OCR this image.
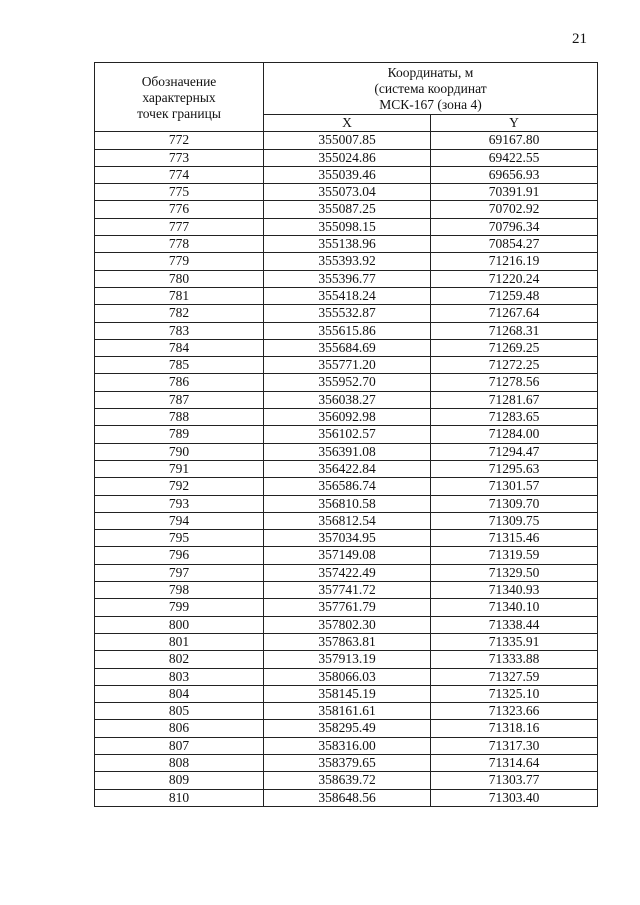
21
Обозначение
характерных
точек границы	Координаты, м
(система координат
МСК-167 (зона 4)	

	X	Y
772	355007.85	69167.80
773	355024.86	69422.55
774	355039.46	69656.93
775	355073.04	70391.91
776	355087.25	70702.92
777	355098.15	70796.34
778	355138.96	70854.27
779	355393.92	71216.19
780	355396.77	71220.24
781	355418.24	71259.48
782	355532.87	71267.64
783	355615.86	71268.31
784	355684.69	71269.25
785	355771.20	71272.25
786	355952.70	71278.56
787	356038.27	71281.67
788	356092.98	71283.65
789	356102.57	71284.00
790	356391.08	71294.47
791	356422.84	71295.63
792	356586.74	71301.57
793	356810.58	71309.70
794	356812.54	71309.75
795	357034.95	71315.46
796	357149.08	71319.59
797	357422.49	71329.50
798	357741.72	71340.93
799	357761.79	71340.10
800	357802.30	71338.44
801	357863.81	71335.91
802	357913.19	71333.88
803	358066.03	71327.59
804	358145.19	71325.10
805	358161.61	71323.66
806	358295.49	71318.16
807	358316.00	71317.30
808	358379.65	71314.64
809	358639.72	71303.77
810	358648.56	71303.40
